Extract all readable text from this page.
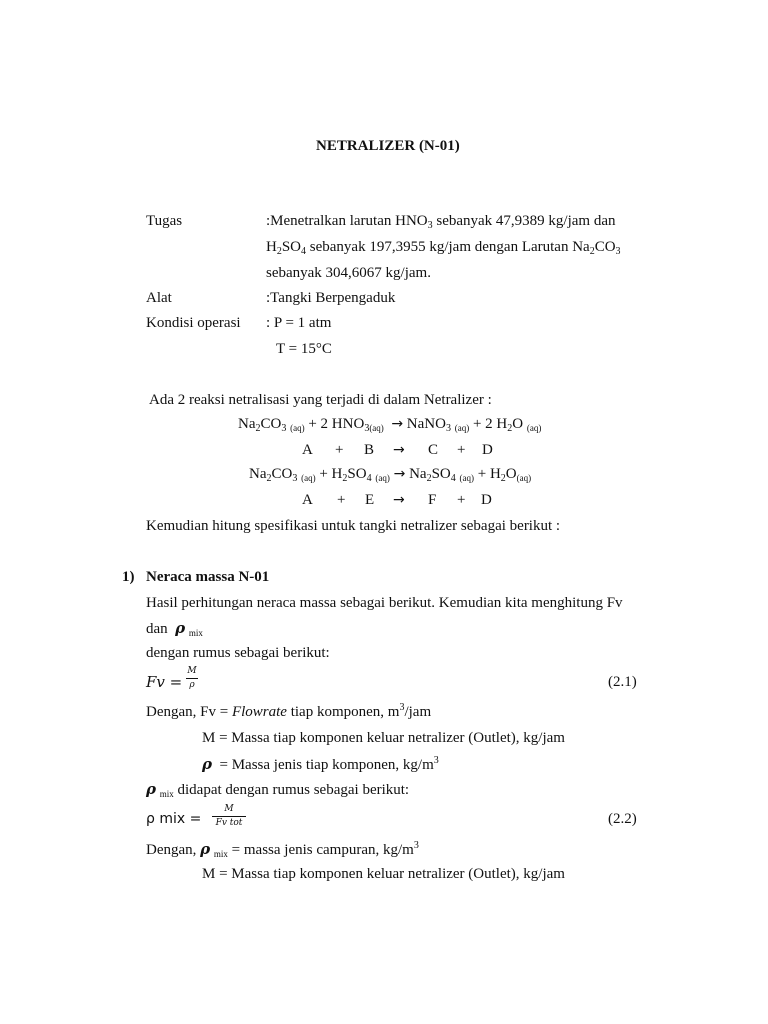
NETRALIZER (N-01)
Tugas	:Menetralkan larutan $HNO_3$ sebanyak 47,9389 kg/jam dan
$H_2SO_4$ sebanyak 197,3955 kg/jam dengan Larutan $Na_2CO_3$
sebanyak 304,6067 kg/jam.
Alat	:Tangki Berpengaduk
Kondisi operasi : P = 1 atm
T = 15°C
Ada 2 reaksi netralisasi yang terjadi di dalam Netralizer :
$Na_2CO_3$ $_{(aq)}$ + 2 $HNO_{3(aq)}$ → NaNO$_3$ $_{(aq)}$ + 2 $H_2O$ $_{(aq)}$
A + B → C + D
$Na_2CO_3$ $_{(aq)} + H_2SO_4$ $_{(aq)} \to Na_2SO_4$ $_{(aq)} + H_2O_{(aq)}$
A + E → F + D
Kemudian hitung spesifikasi untuk tangki netralizer sebagai berikut :
1) Neraca massa N-01
Hasil perhitungan neraca massa sebagai berikut. Kemudian kita menghitung Fv
dan ρ $_{mix}$
dengan rumus sebagai berikut:
Fv =
M
ρ	(2.1)
Dengan, Fv = Flowrate tiap komponen, $m^3$/jam
M = Massa tiap komponen keluar netralizer (Outlet), kg/jam
ρ = Massa jenis tiap komponen, $kg/m^3$
ρ $_{mix}$ didapat dengan rumus sebagai berikut:
ρ mix =
M
Fv tot	(2.2)
Dengan, ρ $_{mix}$ = massa jenis campuran, $kg/m^3$
M = Massa tiap komponen keluar netralizer (Outlet), kg/jam
